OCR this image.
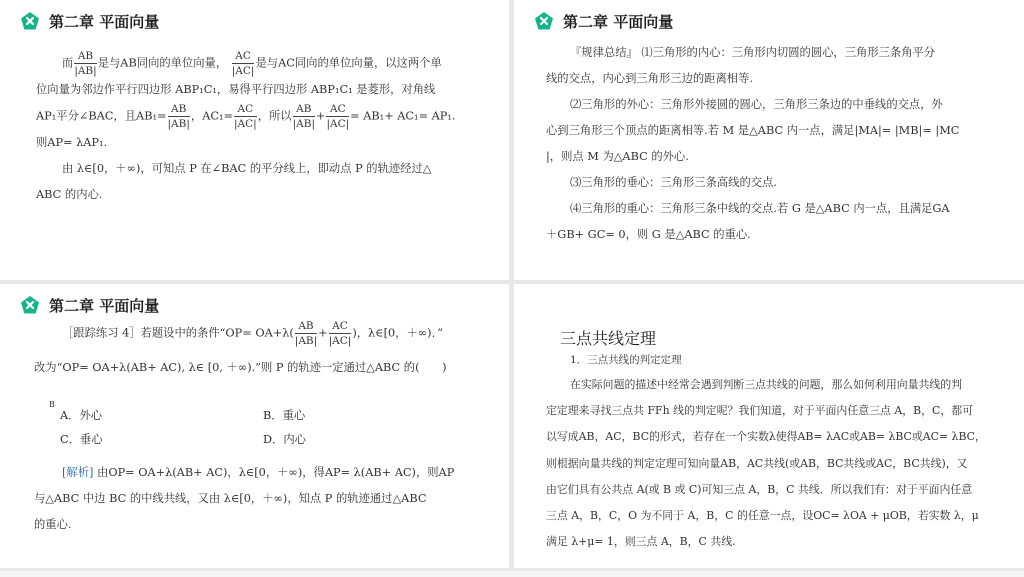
第二章 平面向量
而 $\frac{AB}{|AB|}$ 是与AB同向的单位向量， $\frac{AC}{|AC|}$ 是与AC同向的单位向量，以这两个单
位向量为邻边作平行四边形 ABP₁C₁，易得平行四边形 ABP₁C₁ 是菱形，对角线
AP₁平分∠BAC，且$AB_1= \frac{AB}{|AB|}$ ，$AC_1= \frac{AC}{|AC|}$ ，所以 $\frac{AB}{|AB|} + \frac{AC}{|AC|} = AB_1+ AC_1= AP_1$.
则AP= λAP₁.
由 λ∈[0，＋∞)，可知点 P 在∠BAC 的平分线上，即动点 P 的轨迹经过△
ABC 的内心.
第二章 平面向量
『规律总结』 ⑴三角形的内心：三角形内切圆的圆心，三角形三条角平分
线的交点，内心到三角形三边的距离相等.
⑵三角形的外心：三角形外接圆的圆心，三角形三条边的中垂线的交点，外
心到三角形三个顶点的距离相等.若 M 是△ABC 内一点，满足|MA|= |MB|= |MC
|，则点 M 为△ABC 的外心.
⑶三角形的垂心：三角形三条高线的交点.
⑷三角形的重心：三角形三条中线的交点.若 G 是△ABC 内一点，且满足GA
＋GB+ GC= 0，则 G 是△ABC 的重心.
第二章 平面向量
［跟踪练习 4］若题设中的条件“$OP= OA+\lambda( \frac{AB}{|AB|} + \frac{AC}{|AC|}$ )，λ∈[0，＋∞)．”
改为“OP= OA+λ(AB+ AC), λ∈ [0, ＋∞).”则 P 的轨迹一定通过△ABC 的(　　)
B
A．外心	B．重心
C．垂心	D．内心
[解析] 由OP= OA+λ(AB+ AC)，λ∈[0，＋∞)，得AP= λ(AB+ AC)，则AP
与△ABC 中边 BC 的中线共线，又由 λ∈[0，＋∞)，知点 P 的轨迹通过△ABC
的重心.
三点共线定理
1．三点共线的判定定理
在实际问题的描述中经常会遇到判断三点共线的问题，那么如何利用向量共线的判
定定理来寻找三点共 FFh 线的判定呢？我们知道，对于平面内任意三点 A，B，C，都可
以写成AB，AC，BC的形式，若存在一个实数λ使得AB= λAC或AB= λBC或AC= λBC，
则根据向量共线的判定定理可知向量AB，AC共线(或AB，BC共线或AC，BC共线)，又
由它们具有公共点 A(或 B 或 C)可知三点 A，B，C 共线．所以我们有：对于平面内任意
三点 A，B，C，O 为不同于 A，B，C 的任意一点，设OC= λOA + μOB，若实数 λ，μ
满足 λ+μ= 1，则三点 A，B，C 共线.
